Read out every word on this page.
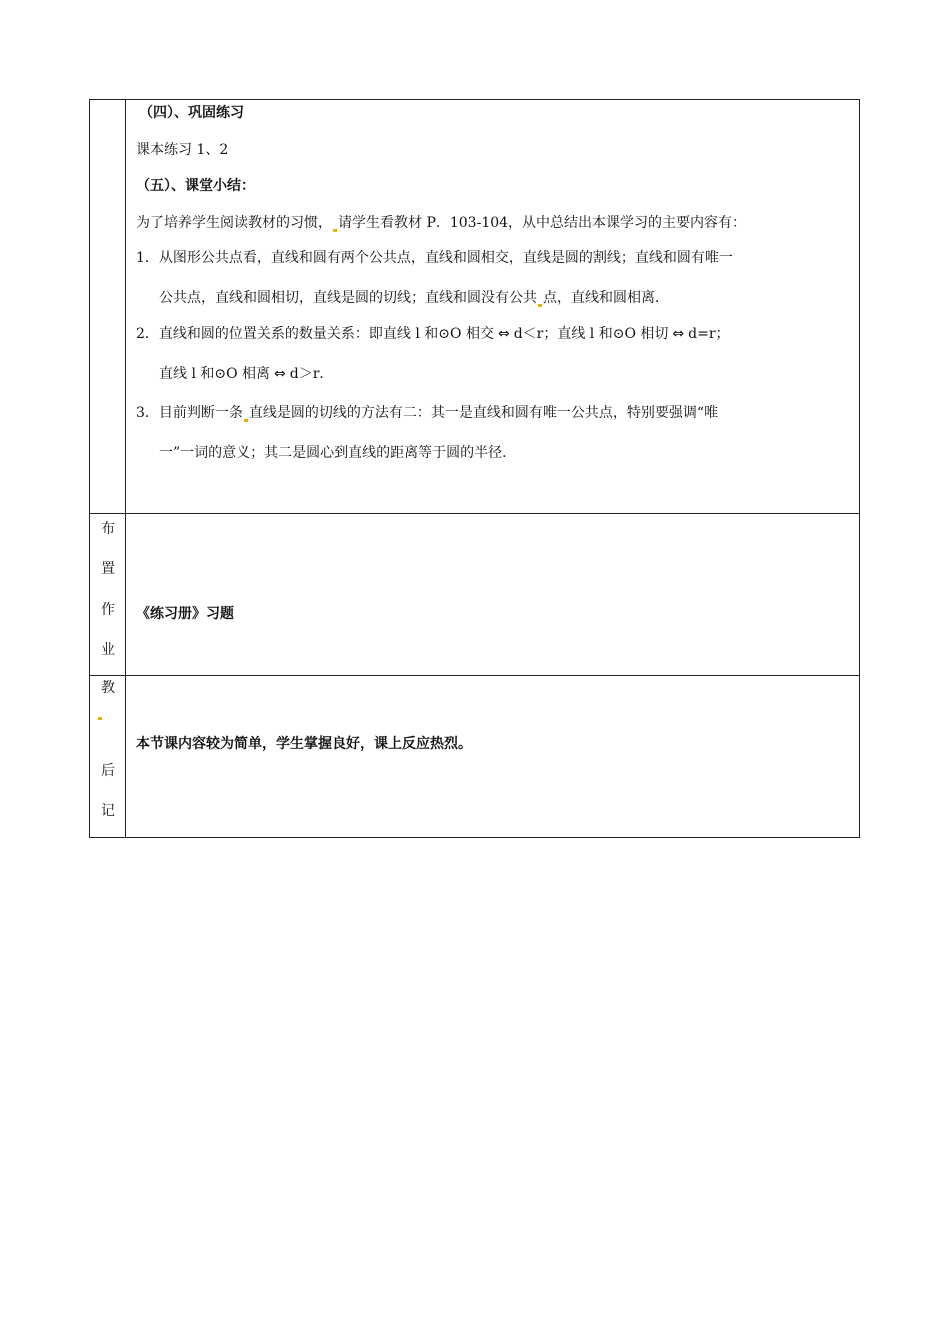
（四）、巩固练习
课本练习 1、2
（五）、课堂小结：
为了培养学生阅读教材的习惯， 请学生看教材 P．103-104，从中总结出本课学习的主要内容有：
1．从图形公共点看，直线和圆有两个公共点，直线和圆相交，直线是圆的割线；直线和圆有唯一
公共点，直线和圆相切，直线是圆的切线；直线和圆没有公共 点，直线和圆相离．
2．直线和圆的位置关系的数量关系：即直线 l 和⊙O 相交 ⇔ d＜r；直线 l 和⊙O 相切 ⇔ d=r；
直线 l 和⊙O 相离 ⇔ d＞r．
3．目前判断一条 直线是圆的切线的方法有二：其一是直线和圆有唯一公共点，特别要强调“唯
一”一词的意义；其二是圆心到直线的距离等于圆的半径．
布
置
作
业
《练习册》习题
教
后
记
本节课内容较为简单，学生掌握良好，课上反应热烈。
